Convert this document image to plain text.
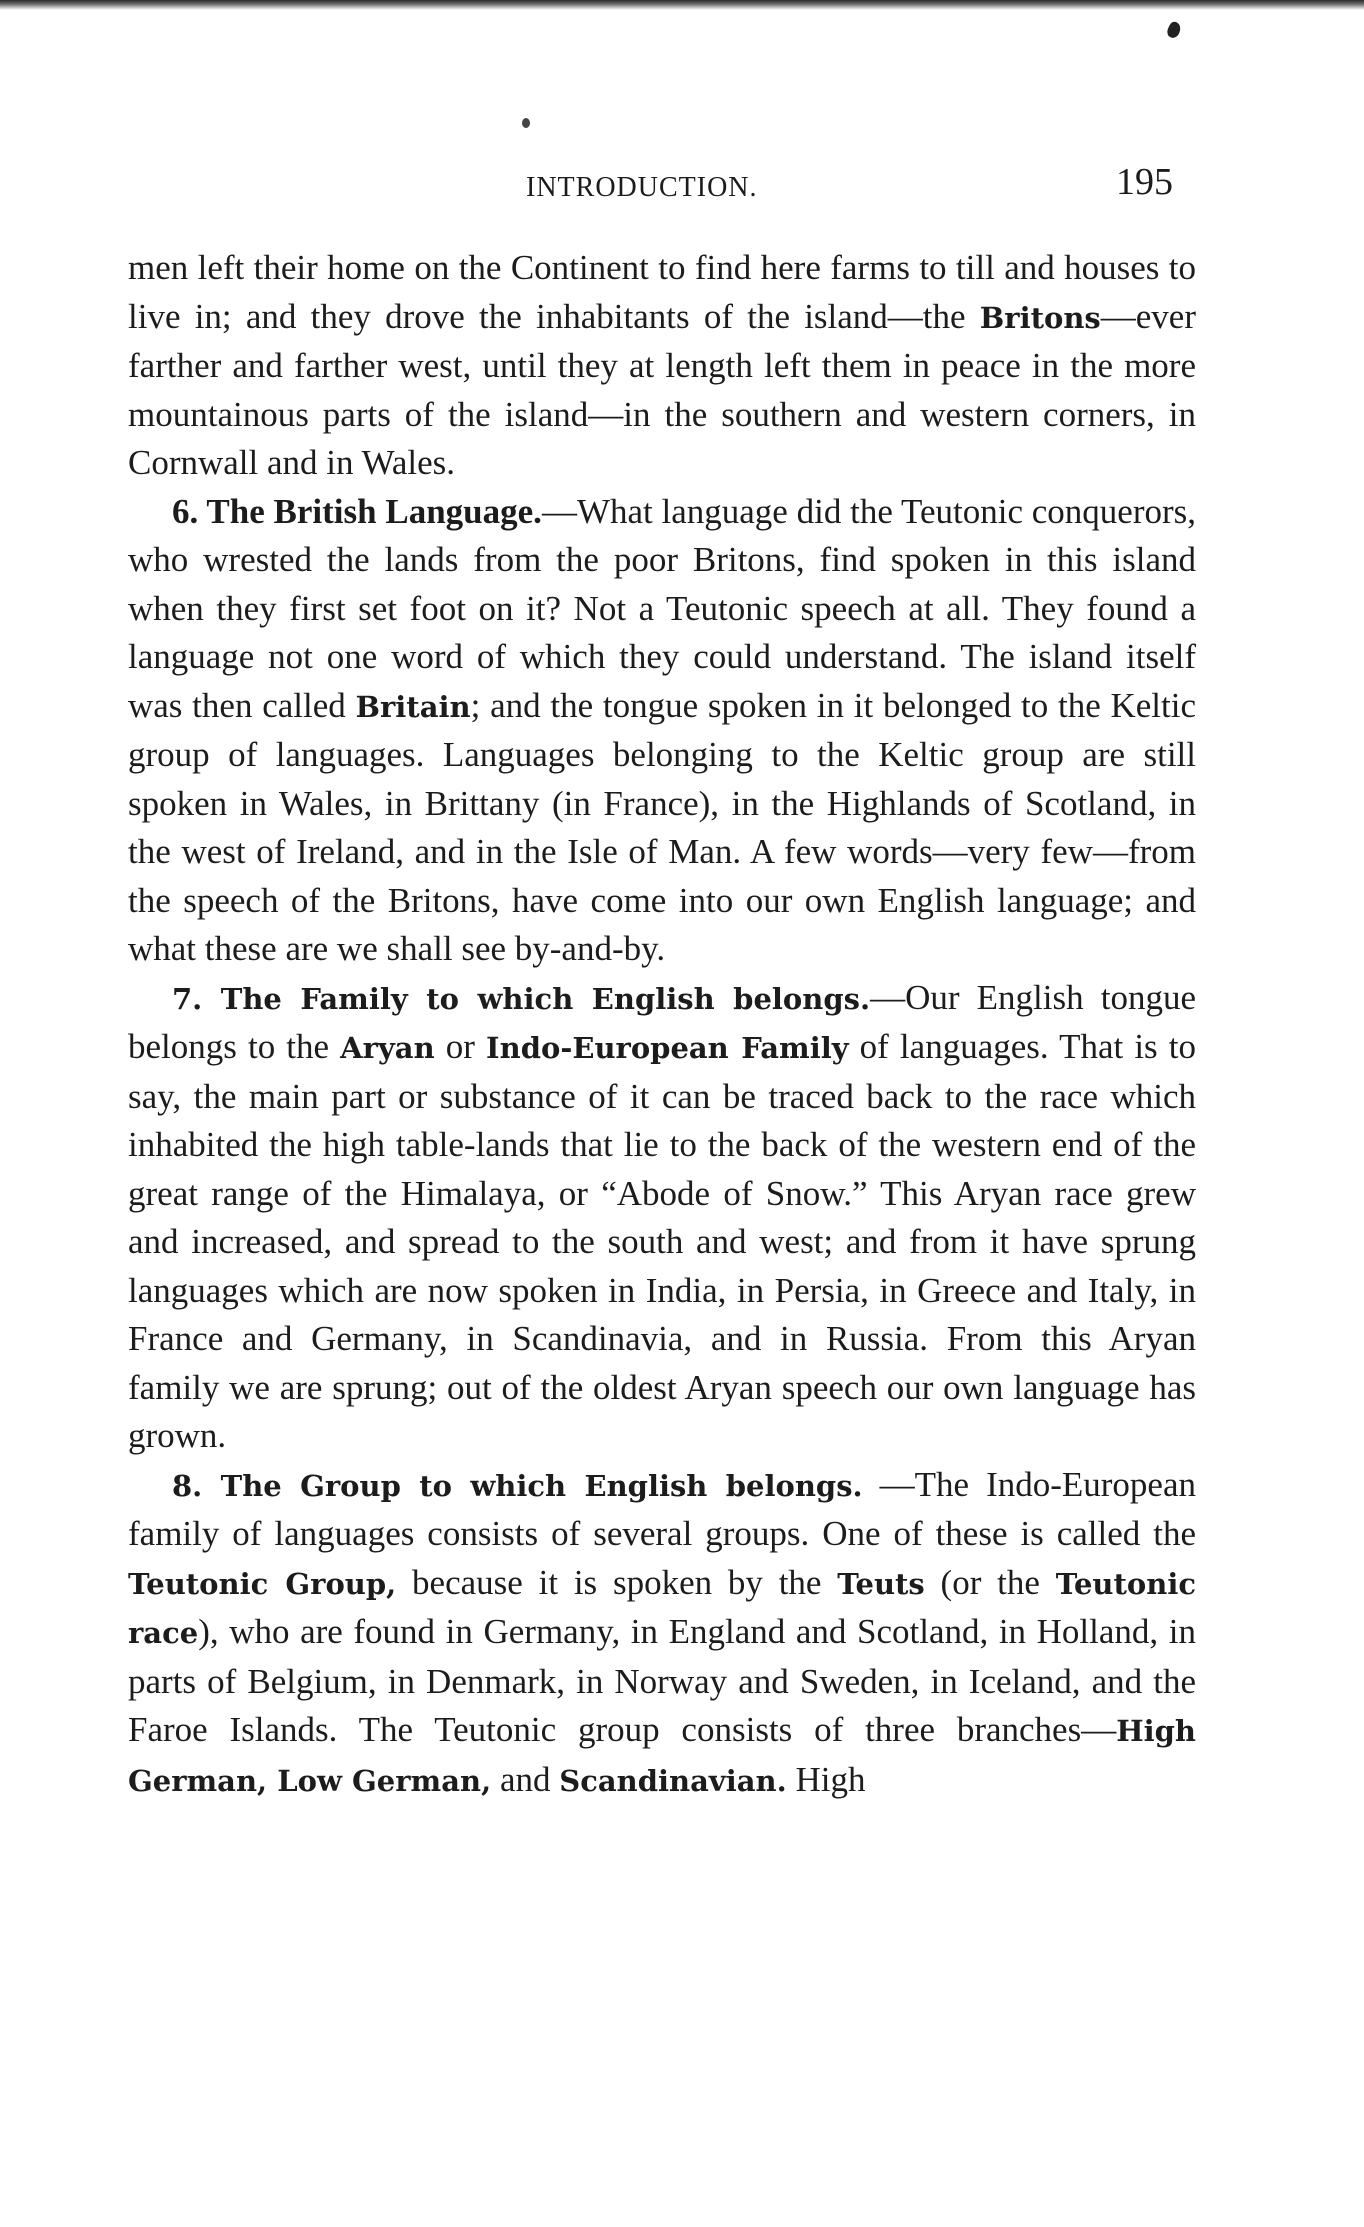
INTRODUCTION.	195

men left their home on the Continent to find here farms to till and houses to live in; and they drove the inhabitants of the island—the Britons—ever farther and farther west, until they at length left them in peace in the more mountainous parts of the island—in the southern and western corners, in Cornwall and in Wales.

6. The British Language.—What language did the Teutonic conquerors, who wrested the lands from the poor Britons, find spoken in this island when they first set foot on it? Not a Teutonic speech at all. They found a language not one word of which they could understand. The island itself was then called Britain; and the tongue spoken in it belonged to the Keltic group of languages. Languages belonging to the Keltic group are still spoken in Wales, in Brittany (in France), in the Highlands of Scotland, in the west of Ireland, and in the Isle of Man. A few words—very few—from the speech of the Britons, have come into our own English language; and what these are we shall see by-and-by.

7. The Family to which English belongs.—Our English tongue belongs to the Aryan or Indo-European Family of languages. That is to say, the main part or substance of it can be traced back to the race which inhabited the high table-lands that lie to the back of the western end of the great range of the Himalaya, or “Abode of Snow.” This Aryan race grew and increased, and spread to the south and west; and from it have sprung languages which are now spoken in India, in Persia, in Greece and Italy, in France and Germany, in Scandinavia, and in Russia. From this Aryan family we are sprung; out of the oldest Aryan speech our own language has grown.

8. The Group to which English belongs. —The Indo-European family of languages consists of several groups. One of these is called the Teutonic Group, because it is spoken by the Teuts (or the Teutonic race), who are found in Germany, in England and Scotland, in Holland, in parts of Belgium, in Denmark, in Norway and Sweden, in Iceland, and the Faroe Islands. The Teutonic group consists of three branches—High German, Low German, and Scandinavian. High
